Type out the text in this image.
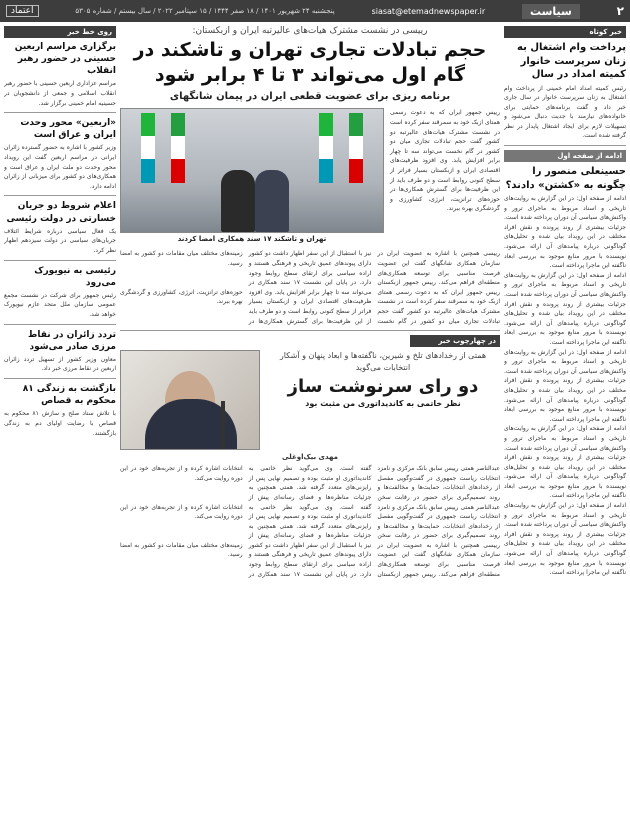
۲
سیاست
siasat@etemadnewspaper.ir
پنجشنبه ۲۴ شهریور ۱۴۰۱ / ۱۸ صفر ۱۴۴۴ / ۱۵ سپتامبر ۲۰۲۲ / سال بیستم / شماره ۵۳۰۵
اعتماد
خبر کوتاه
پرداخت وام اشتغال به زنان سرپرست خانوار کمیته امداد در سال
رئیس کمیته امداد امام خمینی از پرداخت وام اشتغال به زنان سرپرست خانوار در سال جاری خبر داد و گفت برنامه‌های حمایتی برای خانواده‌های نیازمند با جدیت دنبال می‌شود و تسهیلات لازم برای ایجاد اشتغال پایدار در نظر گرفته شده است.
ادامه از صفحه اول
حسینعلی منصور را چگونه به «کشتن» دادند؟
ادامه از صفحه اول: در این گزارش به روایت‌های تاریخی و اسناد مربوط به ماجرای ترور و واکنش‌های سیاسی آن دوران پرداخته شده است. جزئیات بیشتری از روند پرونده و نقش افراد مختلف در این رویداد بیان شده و تحلیل‌های گوناگونی درباره پیامدهای آن ارائه می‌شود. نویسنده با مرور منابع موجود به بررسی ابعاد ناگفته این ماجرا پرداخته است.
ادامه از صفحه اول: در این گزارش به روایت‌های تاریخی و اسناد مربوط به ماجرای ترور و واکنش‌های سیاسی آن دوران پرداخته شده است. جزئیات بیشتری از روند پرونده و نقش افراد مختلف در این رویداد بیان شده و تحلیل‌های گوناگونی درباره پیامدهای آن ارائه می‌شود. نویسنده با مرور منابع موجود به بررسی ابعاد ناگفته این ماجرا پرداخته است.
ادامه از صفحه اول: در این گزارش به روایت‌های تاریخی و اسناد مربوط به ماجرای ترور و واکنش‌های سیاسی آن دوران پرداخته شده است. جزئیات بیشتری از روند پرونده و نقش افراد مختلف در این رویداد بیان شده و تحلیل‌های گوناگونی درباره پیامدهای آن ارائه می‌شود. نویسنده با مرور منابع موجود به بررسی ابعاد ناگفته این ماجرا پرداخته است.
ادامه از صفحه اول: در این گزارش به روایت‌های تاریخی و اسناد مربوط به ماجرای ترور و واکنش‌های سیاسی آن دوران پرداخته شده است. جزئیات بیشتری از روند پرونده و نقش افراد مختلف در این رویداد بیان شده و تحلیل‌های گوناگونی درباره پیامدهای آن ارائه می‌شود. نویسنده با مرور منابع موجود به بررسی ابعاد ناگفته این ماجرا پرداخته است.
ادامه از صفحه اول: در این گزارش به روایت‌های تاریخی و اسناد مربوط به ماجرای ترور و واکنش‌های سیاسی آن دوران پرداخته شده است. جزئیات بیشتری از روند پرونده و نقش افراد مختلف در این رویداد بیان شده و تحلیل‌های گوناگونی درباره پیامدهای آن ارائه می‌شود. نویسنده با مرور منابع موجود به بررسی ابعاد ناگفته این ماجرا پرداخته است.
رییسی در نشست مشترک هیات‌های عالیرتبه ایران و ازبکستان:
حجم تبادلات تجاری تهران و تاشکند در گام اول می‌تواند ۳ تا ۴ برابر شود
برنامه ریزی برای عضویت قطعی ایران در پیمان شانگهای
رییس جمهور ایران که به دعوت رسمی همتای ازبک خود به سمرقند سفر کرده است در نشست مشترک هیات‌های عالیرتبه دو کشور گفت حجم تبادلات تجاری میان دو کشور در گام نخست می‌تواند سه تا چهار برابر افزایش یابد. وی افزود ظرفیت‌های اقتصادی ایران و ازبکستان بسیار فراتر از سطح کنونی روابط است و دو طرف باید از این ظرفیت‌ها برای گسترش همکاری‌ها در حوزه‌های ترانزیت، انرژی، کشاورزی و گردشگری بهره ببرند.
تهران و تاشکند ۱۷ سند همکاری امضا کردند
رییسی همچنین با اشاره به عضویت ایران در سازمان همکاری شانگهای گفت این عضویت فرصت مناسبی برای توسعه همکاری‌های منطقه‌ای فراهم می‌کند. رییس جمهور ازبکستان نیز با استقبال از این سفر اظهار داشت دو کشور دارای پیوندهای عمیق تاریخی و فرهنگی هستند و اراده سیاسی برای ارتقای سطح روابط وجود دارد. در پایان این نشست ۱۷ سند همکاری در زمینه‌های مختلف میان مقامات دو کشور به امضا رسید.
رییس جمهور ایران که به دعوت رسمی همتای ازبک خود به سمرقند سفر کرده است در نشست مشترک هیات‌های عالیرتبه دو کشور گفت حجم تبادلات تجاری میان دو کشور در گام نخست می‌تواند سه تا چهار برابر افزایش یابد. وی افزود ظرفیت‌های اقتصادی ایران و ازبکستان بسیار فراتر از سطح کنونی روابط است و دو طرف باید از این ظرفیت‌ها برای گسترش همکاری‌ها در حوزه‌های ترانزیت، انرژی، کشاورزی و گردشگری بهره ببرند.
در چهارچوب خبر
همتی از رخدادهای تلخ و شیرین، ناگفته‌ها و ابعاد پنهان و آشکار انتخابات می‌گوید
دو رای سرنوشت ساز
نظر خاتمی به کاندیداتوری من مثبت بود
مهدی بیک‌اوغلی
عبدالناصر همتی رییس سابق بانک مرکزی و نامزد انتخابات ریاست جمهوری در گفت‌وگویی مفصل از رخدادهای انتخابات، حمایت‌ها و مخالفت‌ها و روند تصمیم‌گیری برای حضور در رقابت سخن گفته است. وی می‌گوید نظر خاتمی به کاندیداتوری او مثبت بوده و تصمیم نهایی پس از رایزنی‌های متعدد گرفته شد. همتی همچنین به جزئیات مناظره‌ها و فضای رسانه‌ای پیش از انتخابات اشاره کرده و از تجربه‌های خود در این دوره روایت می‌کند.
عبدالناصر همتی رییس سابق بانک مرکزی و نامزد انتخابات ریاست جمهوری در گفت‌وگویی مفصل از رخدادهای انتخابات، حمایت‌ها و مخالفت‌ها و روند تصمیم‌گیری برای حضور در رقابت سخن گفته است. وی می‌گوید نظر خاتمی به کاندیداتوری او مثبت بوده و تصمیم نهایی پس از رایزنی‌های متعدد گرفته شد. همتی همچنین به جزئیات مناظره‌ها و فضای رسانه‌ای پیش از انتخابات اشاره کرده و از تجربه‌های خود در این دوره روایت می‌کند.
رییسی همچنین با اشاره به عضویت ایران در سازمان همکاری شانگهای گفت این عضویت فرصت مناسبی برای توسعه همکاری‌های منطقه‌ای فراهم می‌کند. رییس جمهور ازبکستان نیز با استقبال از این سفر اظهار داشت دو کشور دارای پیوندهای عمیق تاریخی و فرهنگی هستند و اراده سیاسی برای ارتقای سطح روابط وجود دارد. در پایان این نشست ۱۷ سند همکاری در زمینه‌های مختلف میان مقامات دو کشور به امضا رسید.
روی خط خبر
برگزاری مراسم اربعین حسینی در حضور رهبر انقلاب
مراسم عزاداری اربعین حسینی با حضور رهبر انقلاب اسلامی و جمعی از دانشجویان در حسینیه امام خمینی برگزار شد.
«اربعین» محور وحدت ایران و عراق است
وزیر کشور با اشاره به حضور گسترده زائران ایرانی در مراسم اربعین گفت این رویداد محور وحدت دو ملت ایران و عراق است و همکاری‌های دو کشور برای میزبانی از زائران ادامه دارد.
اعلام شروط دو جریان خسارتی در دولت رئیسی
یک فعال سیاسی درباره شرایط ائتلاف جریان‌های سیاسی در دولت سیزدهم اظهار نظر کرد.
رئیسی به نیویورک می‌رود
رئیس جمهور برای شرکت در نشست مجمع عمومی سازمان ملل متحد عازم نیویورک خواهد شد.
تردد زائران در نقاط مرزی صادر می‌شود
معاون وزیر کشور از تسهیل تردد زائران اربعین در نقاط مرزی خبر داد.
بازگشت به زندگی ۸۱ محکوم به قصاص
با تلاش ستاد صلح و سازش ۸۱ محکوم به قصاص با رضایت اولیای دم به زندگی بازگشتند.
